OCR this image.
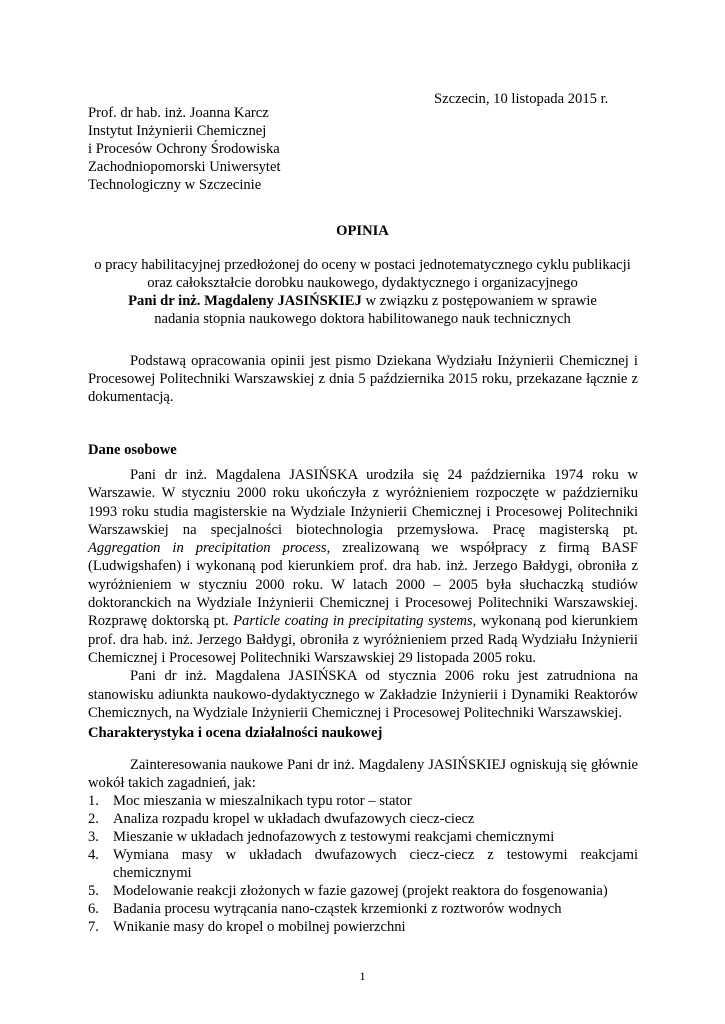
Szczecin, 10 listopada 2015 r.
Prof. dr hab. inż. Joanna Karcz
Instytut Inżynierii Chemicznej
i Procesów Ochrony Środowiska
Zachodniopomorski Uniwersytet
Technologiczny w Szczecinie
OPINIA
o pracy habilitacyjnej przedłożonej do oceny w postaci jednotematycznego cyklu publikacji
oraz całokształcie dorobku naukowego, dydaktycznego i organizacyjnego
Pani dr inż. Magdaleny JASIŃSKIEJ w związku z postępowaniem w sprawie
nadania stopnia naukowego doktora habilitowanego nauk technicznych

Podstawą opracowania opinii jest pismo Dziekana Wydziału Inżynierii Chemicznej i Procesowej Politechniki Warszawskiej z dnia 5 października 2015 roku, przekazane łącznie z dokumentacją.

Dane osobowe

Pani dr inż. Magdalena JASIŃSKA urodziła się 24 października 1974 roku w Warszawie. W styczniu 2000 roku ukończyła z wyróżnieniem rozpoczęte w październiku 1993 roku studia magisterskie na Wydziale Inżynierii Chemicznej i Procesowej Politechniki Warszawskiej na specjalności biotechnologia przemysłowa. Pracę magisterską pt. Aggregation in precipitation process, zrealizowaną we współpracy z firmą BASF (Ludwigshafen) i wykonaną pod kierunkiem prof. dra hab. inż. Jerzego Bałdygi, obroniła z wyróżnieniem w styczniu 2000 roku. W latach 2000 – 2005 była słuchaczką studiów doktoranckich na Wydziale Inżynierii Chemicznej i Procesowej Politechniki Warszawskiej. Rozprawę doktorską pt. Particle coating in precipitating systems, wykonaną pod kierunkiem prof. dra hab. inż. Jerzego Bałdygi, obroniła z wyróżnieniem przed Radą Wydziału Inżynierii Chemicznej i Procesowej Politechniki Warszawskiej 29 listopada 2005 roku.

Pani dr inż. Magdalena JASIŃSKA od stycznia 2006 roku jest zatrudniona na stanowisku adiunkta naukowo-dydaktycznego w Zakładzie Inżynierii i Dynamiki Reaktorów Chemicznych, na Wydziale Inżynierii Chemicznej i Procesowej Politechniki Warszawskiej.

Charakterystyka i ocena działalności naukowej

Zainteresowania naukowe Pani dr inż. Magdaleny JASIŃSKIEJ ogniskują się głównie wokół takich zagadnień, jak:

1. Moc mieszania w mieszalnikach typu rotor – stator
2. Analiza rozpadu kropel w układach dwufazowych ciecz-ciecz
3. Mieszanie w układach jednofazowych z testowymi reakcjami chemicznymi
4. Wymiana masy w układach dwufazowych ciecz-ciecz z testowymi reakcjami chemicznymi
5. Modelowanie reakcji złożonych w fazie gazowej (projekt reaktora do fosgenowania)
6. Badania procesu wytrącania nano-cząstek krzemionki z roztworów wodnych
7. Wnikanie masy do kropel o mobilnej powierzchni
1
